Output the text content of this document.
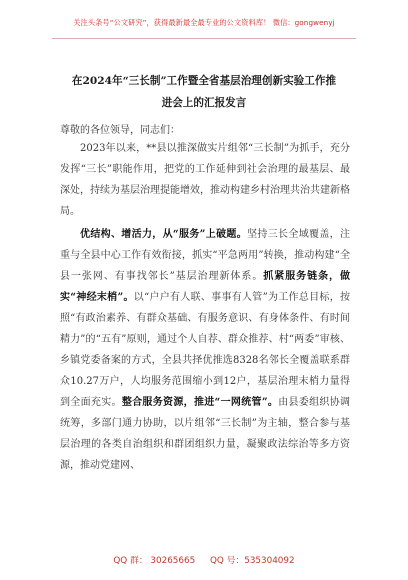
关注头条号“公文研究”，获得最新最全最专业的公文资料库！ 微信：gongwenyj
在2024年“三长制”工作暨全省基层治理创新实验工作推
进会上的汇报发言
尊敬的各位领导，同志们：
2023年以来，**县以推深做实片组邻“三长制”为抓手，充分发挥“三长”职能作用，把党的工作延伸到社会治理的最基层、最深处，持续为基层治理提能增效，推动构建乡村治理共治共建新格局。
优结构、增活力，从“服务”上破题。坚持三长全域覆盖，注重与全县中心工作有效衔接，抓实“平急两用”转换，推动构建“全县一张网、有事找邻长”基层治理新体系。抓紧服务链条，做实“神经末梢”。以“户户有人联、事事有人管”为工作总目标，按照“有政治素养、有群众基础、有服务意识、有身体条件、有时间精力”的“五有”原则，通过个人自荐、群众推荐、村“两委”审核、乡镇党委备案的方式，全县共择优推选8328名邻长全覆盖联系群众10.27万户，人均服务范围缩小到12户，基层治理末梢力量得到全面充实。整合服务资源，推进“一网统管”。由县委组织协调统筹，多部门通力协助，以片组邻“三长制”为主轴，整合参与基层治理的各类自治组织和群团组织力量，凝聚政法综治等多方资源，推动党建网、
QQ 群： 30265665 QQ 号：535304092
